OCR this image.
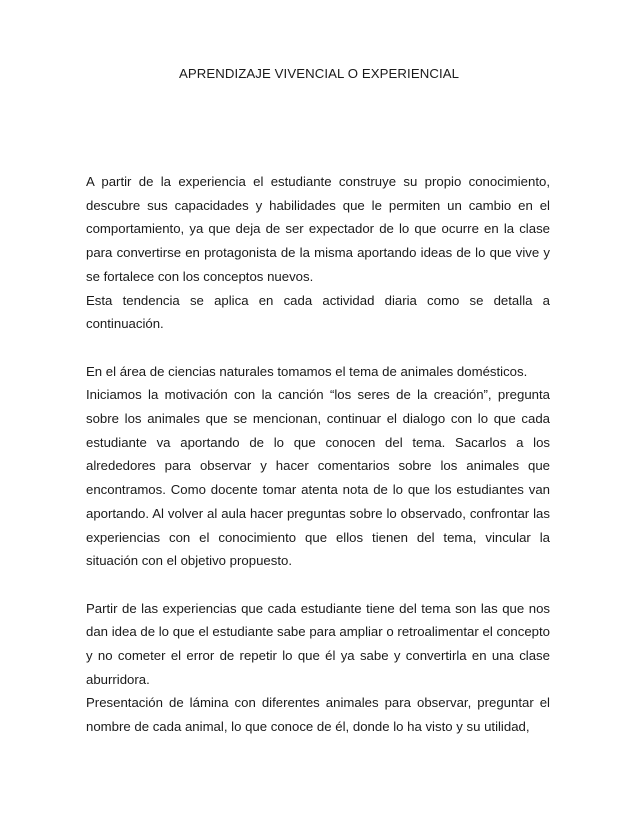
APRENDIZAJE VIVENCIAL O EXPERIENCIAL

A partir de la experiencia el estudiante construye su propio conocimiento, descubre sus capacidades y habilidades que le permiten un cambio en el comportamiento, ya que deja de ser expectador de lo que ocurre en la clase para convertirse en protagonista de la misma aportando ideas de lo que vive y se fortalece con los conceptos nuevos.

Esta tendencia se aplica en cada actividad diaria como se detalla a continuación.

En el área de ciencias naturales tomamos el tema de animales domésticos.

Iniciamos la motivación con la canción “los seres de la creación”, pregunta sobre los animales que se mencionan, continuar el dialogo con lo que cada estudiante va aportando de lo que conocen del tema. Sacarlos a los alrededores para observar y hacer comentarios sobre los animales que encontramos. Como docente tomar atenta nota de lo que los estudiantes van aportando. Al volver al aula hacer preguntas sobre lo observado, confrontar las experiencias con el conocimiento que ellos tienen del tema, vincular la situación con el objetivo propuesto.

Partir de las experiencias que cada estudiante tiene del tema son las que nos dan idea de lo que el estudiante sabe para ampliar o retroalimentar el concepto y no cometer el error de repetir lo que él ya sabe y convertirla en una clase aburridora.

Presentación de lámina con diferentes animales para observar, preguntar el nombre de cada animal, lo que conoce de él, donde lo ha visto y su utilidad,
